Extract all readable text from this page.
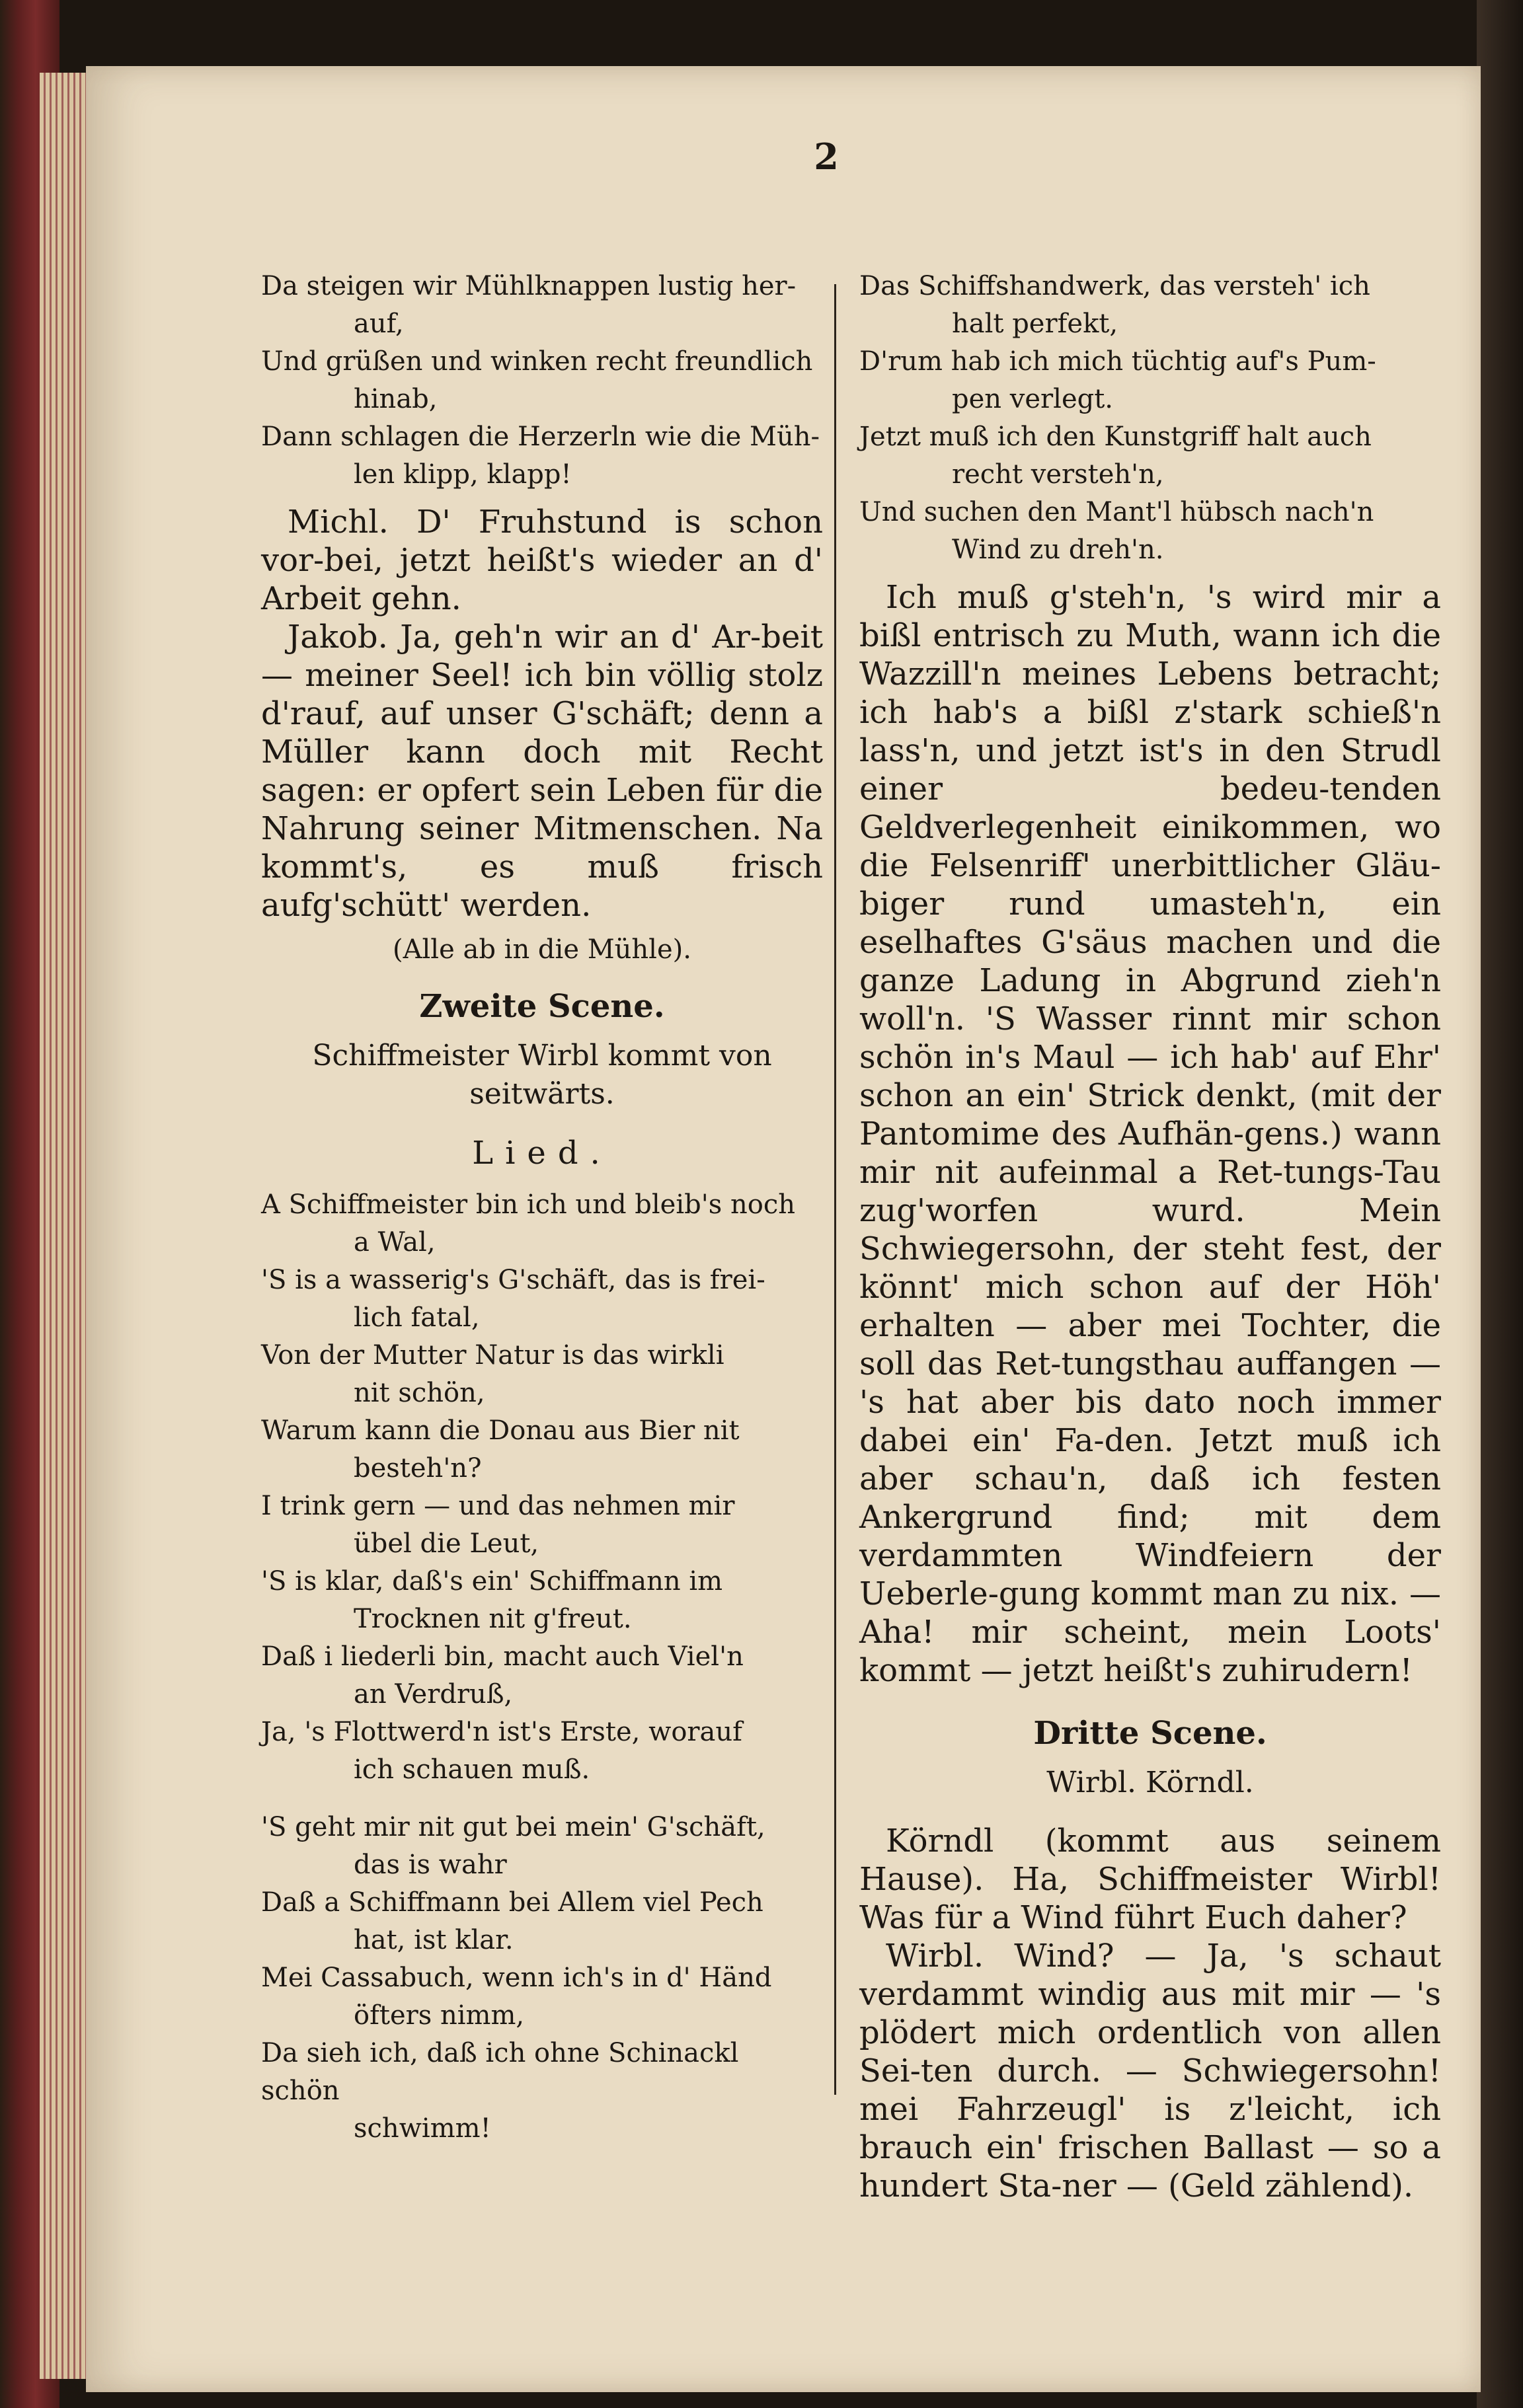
2

Da steigen wir Mühlknappen lustig her-

auf,

Und grüßen und winken recht freundlich

hinab,

Dann schlagen die Herzerln wie die Müh-

len klipp, klapp!

Michl. D' Fruhstund is schon vor-bei, jetzt heißt's wieder an d' Arbeit gehn.

Jakob. Ja, geh'n wir an d' Ar-beit — meiner Seel! ich bin völlig stolz d'rauf, auf unser G'schäft; denn a Müller kann doch mit Recht sagen: er opfert sein Leben für die Nahrung seiner Mitmenschen. Na kommt's, es muß frisch aufg'schütt' werden.

(Alle ab in die Mühle).

Zweite Scene.

Schiffmeister Wirbl kommt von seitwärts.

Lied.

A Schiffmeister bin ich und bleib's noch

a Wal,

'S is a wasserig's G'schäft, das is frei-

lich fatal,

Von der Mutter Natur is das wirkli

nit schön,

Warum kann die Donau aus Bier nit

besteh'n?

I trink gern — und das nehmen mir

übel die Leut,

'S is klar, daß's ein' Schiffmann im

Trocknen nit g'freut.

Daß i liederli bin, macht auch Viel'n

an Verdruß,

Ja, 's Flottwerd'n ist's Erste, worauf

ich schauen muß.

'S geht mir nit gut bei mein' G'schäft,

das is wahr

Daß a Schiffmann bei Allem viel Pech

hat, ist klar.

Mei Cassabuch, wenn ich's in d' Händ

öfters nimm,

Da sieh ich, daß ich ohne Schinackl schön

schwimm!

Das Schiffshandwerk, das versteh' ich

halt perfekt,

D'rum hab ich mich tüchtig auf's Pum-

pen verlegt.

Jetzt muß ich den Kunstgriff halt auch

recht versteh'n,

Und suchen den Mant'l hübsch nach'n

Wind zu dreh'n.

Ich muß g'steh'n, 's wird mir a bißl entrisch zu Muth, wann ich die Wazzill'n meines Lebens betracht; ich hab's a bißl z'stark schieß'n lass'n, und jetzt ist's in den Strudl einer bedeu-tenden Geldverlegenheit einikommen, wo die Felsenriff' unerbittlicher Gläu-biger rund umasteh'n, ein eselhaftes G'säus machen und die ganze Ladung in Abgrund zieh'n woll'n. 'S Wasser rinnt mir schon schön in's Maul — ich hab' auf Ehr' schon an ein' Strick denkt, (mit der Pantomime des Aufhän-gens.) wann mir nit aufeinmal a Ret-tungs-Tau zug'worfen wurd. Mein Schwiegersohn, der steht fest, der könnt' mich schon auf der Höh' erhalten — aber mei Tochter, die soll das Ret-tungsthau auffangen — 's hat aber bis dato noch immer dabei ein' Fa-den. Jetzt muß ich aber schau'n, daß ich festen Ankergrund find; mit dem verdammten Windfeiern der Ueberle-gung kommt man zu nix. — Aha! mir scheint, mein Loots' kommt — jetzt heißt's zuhirudern!

Dritte Scene.

Wirbl. Körndl.

Körndl (kommt aus seinem Hause). Ha, Schiffmeister Wirbl! Was für a Wind führt Euch daher?

Wirbl. Wind? — Ja, 's schaut verdammt windig aus mit mir — 's plödert mich ordentlich von allen Sei-ten durch. — Schwiegersohn! mei Fahrzeugl' is z'leicht, ich brauch ein' frischen Ballast — so a hundert Sta-ner — (Geld zählend).
